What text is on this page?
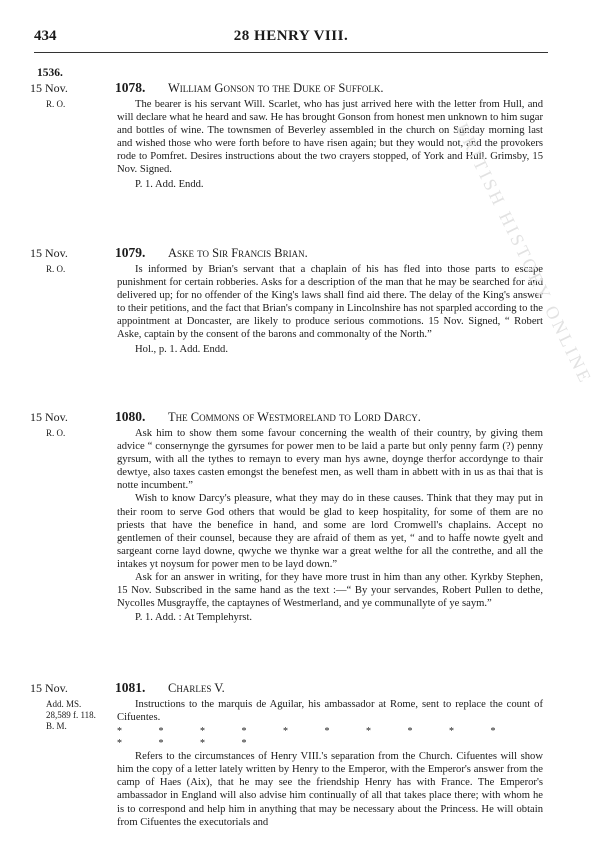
434	28 HENRY VIII.
1536.
15 Nov.	1078. William Gonson to the Duke of Suffolk.
R. O.	The bearer is his servant Will. Scarlet, who has just arrived here with the letter from Hull, and will declare what he heard and saw. He has brought Gonson from honest men unknown to him sugar and bottles of wine. The townsmen of Beverley assembled in the church on Sunday morning last and wished those who were forth before to have risen again; but they would not, and the provokers rode to Pomfret. Desires instructions about the two crayers stopped, of York and Hull. Grimsby, 15 Nov. Signed.

P. 1. Add. Endd.
15 Nov.	1079. Aske to Sir Francis Brian.
R. O.	Is informed by Brian's servant that a chaplain of his has fled into those parts to escape punishment for certain robberies. Asks for a description of the man that he may be searched for and delivered up; for no offender of the King's laws shall find aid there. The delay of the King's answer to their petitions, and the fact that Brian's company in Lincolnshire has not sparpled according to the appointment at Doncaster, are likely to produce serious commotions. 15 Nov. Signed, “ Robert Aske, captain by the consent of the barons and commonalty of the North.”

Hol., p. 1. Add. Endd.
15 Nov.	1080. The Commons of Westmoreland to Lord Darcy.
R. O.	Ask him to show them some favour concerning the wealth of their country, by giving them advice “ consernynge the gyrsumes for power men to be laid a parte but only penny farm (?) penny gyrsum, with all the tythes to remayn to every man hys awne, doynge therfor accordynge to thair dewtye, also taxes casten emongst the benefest men, as well tham in abbett with in us as thai that is notte incumbent.”

Wish to know Darcy's pleasure, what they may do in these causes. Think that they may put in their room to serve God others that would be glad to keep hospitality, for some of them are no priests that have the benefice in hand, and some are lord Cromwell's chaplains. Accept no gentlemen of their counsel, because they are afraid of them as yet, “ and to haffe nowte gyelt and sargeant corne layd downe, qwyche we thynke war a great welthe for all the contrethe, and all the intakes yt noysum for power men to be layd down.”

Ask for an answer in writing, for they have more trust in him than any other. Kyrkby Stephen, 15 Nov. Subscribed in the same hand as the text :—“ By your servandes, Robert Pullen to dethe, Nycolles Musgrayffe, the captaynes of Westmerland, and ye communallyte of ye saym.”

P. 1. Add. : At Templehyrst.
15 Nov.	1081. Charles V.
Add. MS.
28,589 f. 118.
B. M.

Instructions to the marquis de Aguilar, his ambassador at Rome, sent to replace the count of Cifuentes.

* * * * * * * * * * * * * *

Refers to the circumstances of Henry VIII.'s separation from the Church. Cifuentes will show him the copy of a letter lately written by Henry to the Emperor, with the Emperor's answer from the camp of Haes (Aix), that he may see the friendship Henry has with France. The Emperor's ambassador in England will also advise him continually of all that takes place there; with whom he is to correspond and help him in anything that may be necessary about the Princess. He will obtain from Cifuentes the executorials and

BRITISH HISTORY ONLINE
